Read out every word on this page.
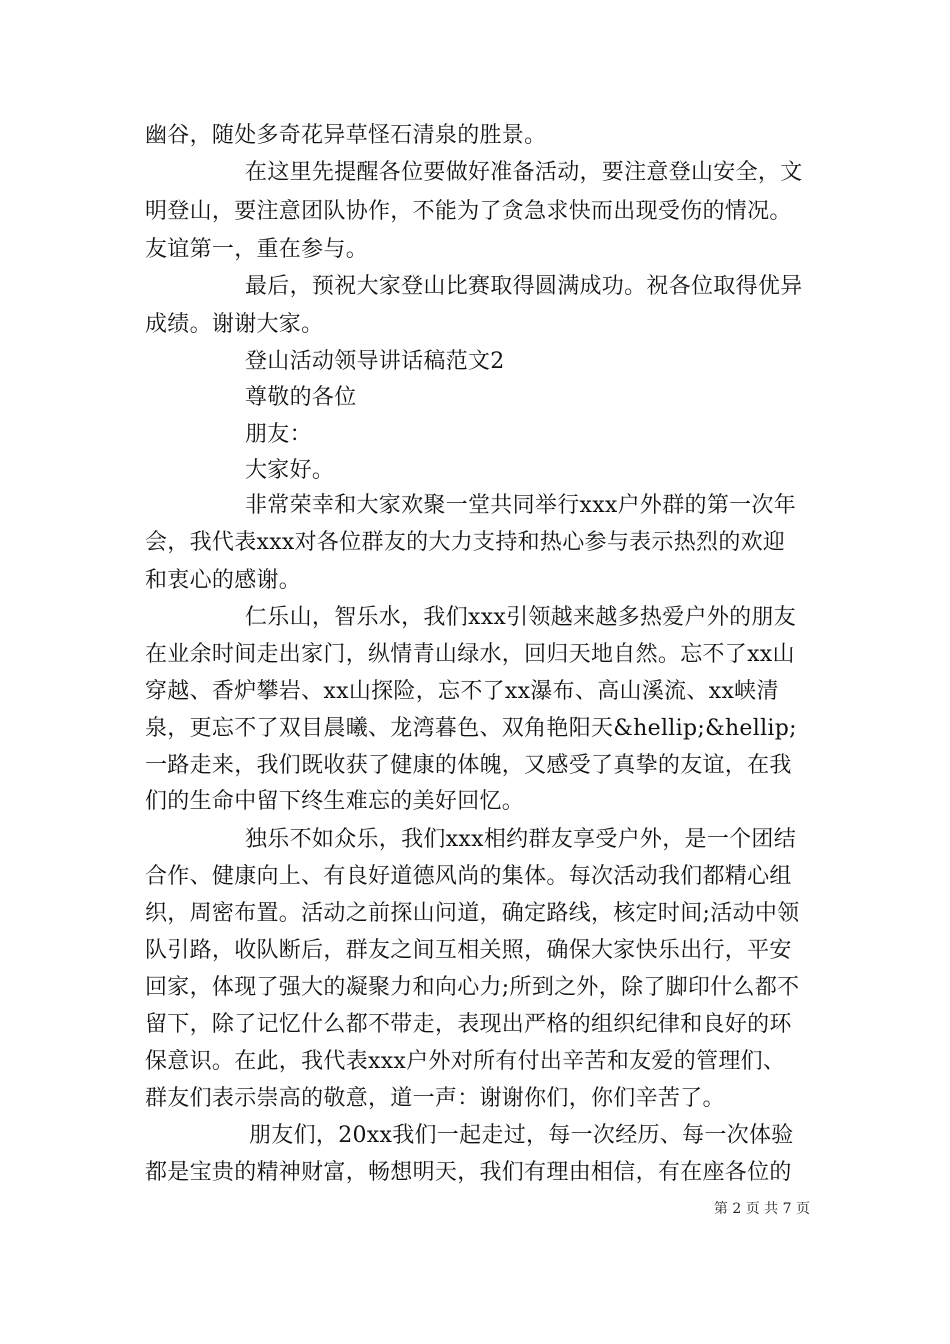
幽谷，随处多奇花异草怪石清泉的胜景。
在这里先提醒各位要做好准备活动，要注意登山安全，文
明登山，要注意团队协作，不能为了贪急求快而出现受伤的情况。
友谊第一，重在参与。
最后，预祝大家登山比赛取得圆满成功。祝各位取得优异
成绩。谢谢大家。
登山活动领导讲话稿范文2
尊敬的各位
朋友：
大家好。
非常荣幸和大家欢聚一堂共同举行xxx户外群的第一次年
会，我代表xxx对各位群友的大力支持和热心参与表示热烈的欢迎
和衷心的感谢。
仁乐山，智乐水，我们xxx引领越来越多热爱户外的朋友
在业余时间走出家门，纵情青山绿水，回归天地自然。忘不了xx山
穿越、香炉攀岩、xx山探险，忘不了xx瀑布、高山溪流、xx峡清
泉，更忘不了双目晨曦、龙湾暮色、双角艳阳天&hellip;&hellip;
一路走来，我们既收获了健康的体魄，又感受了真挚的友谊，在我
们的生命中留下终生难忘的美好回忆。
独乐不如众乐，我们xxx相约群友享受户外，是一个团结
合作、健康向上、有良好道德风尚的集体。每次活动我们都精心组
织，周密布置。活动之前探山问道，确定路线，核定时间;活动中领
队引路，收队断后，群友之间互相关照，确保大家快乐出行，平安
回家，体现了强大的凝聚力和向心力;所到之外，除了脚印什么都不
留下，除了记忆什么都不带走，表现出严格的组织纪律和良好的环
保意识。在此，我代表xxx户外对所有付出辛苦和友爱的管理们、
群友们表示崇高的敬意，道一声：谢谢你们，你们辛苦了。
朋友们，20xx我们一起走过，每一次经历、每一次体验
都是宝贵的精神财富，畅想明天，我们有理由相信，有在座各位的
第 2 页 共 7 页
